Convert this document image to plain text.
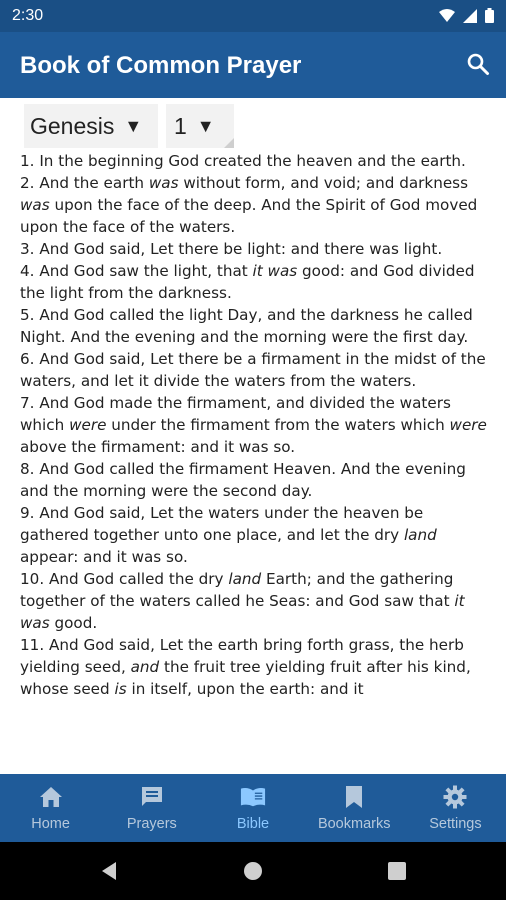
2:30
Book of Common Prayer
Genesis ▼ 1 ▼

1. In the beginning God created the heaven and the earth.

2. And the earth was without form, and void; and darkness was upon the face of the deep. And the Spirit of God moved upon the face of the waters.

3. And God said, Let there be light: and there was light.

4. And God saw the light, that it was good: and God divided the light from the darkness.

5. And God called the light Day, and the darkness he called Night. And the evening and the morning were the first day.

6. And God said, Let there be a firmament in the midst of the waters, and let it divide the waters from the waters.

7. And God made the firmament, and divided the waters which were under the firmament from the waters which were above the firmament: and it was so.

8. And God called the firmament Heaven. And the evening and the morning were the second day.

9. And God said, Let the waters under the heaven be gathered together unto one place, and let the dry land appear: and it was so.

10. And God called the dry land Earth; and the gathering together of the waters called he Seas: and God saw that it was good.

11. And God said, Let the earth bring forth grass, the herb yielding seed, and the fruit tree yielding fruit after his kind, whose seed is in itself, upon the earth: and it

Home	Prayers	Bible	Bookmarks	Settings
